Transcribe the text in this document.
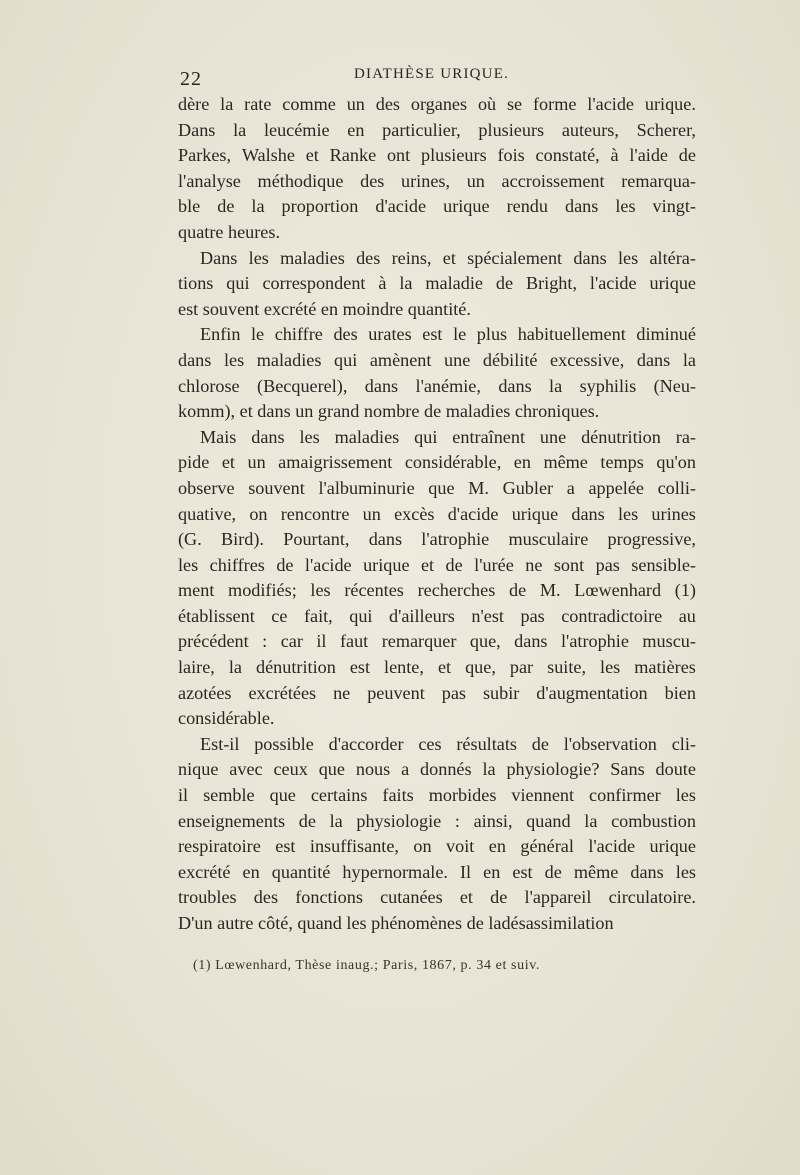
22	DIATHÈSE URIQUE.
dère la rate comme un des organes où se forme l'acide urique.
Dans la leucémie en particulier, plusieurs auteurs, Scherer,
Parkes, Walshe et Ranke ont plusieurs fois constaté, à l'aide de
l'analyse méthodique des urines, un accroissement remarqua-
ble de la proportion d'acide urique rendu dans les vingt-
quatre heures.
Dans les maladies des reins, et spécialement dans les altéra-
tions qui correspondent à la maladie de Bright, l'acide urique
est souvent excrété en moindre quantité.
Enfin le chiffre des urates est le plus habituellement diminué
dans les maladies qui amènent une débilité excessive, dans la
chlorose (Becquerel), dans l'anémie, dans la syphilis (Neu-
komm), et dans un grand nombre de maladies chroniques.
Mais dans les maladies qui entraînent une dénutrition ra-
pide et un amaigrissement considérable, en même temps qu'on
observe souvent l'albuminurie que M. Gubler a appelée colli-
quative, on rencontre un excès d'acide urique dans les urines
(G. Bird). Pourtant, dans l'atrophie musculaire progressive,
les chiffres de l'acide urique et de l'urée ne sont pas sensible-
ment modifiés; les récentes recherches de M. Lœwenhard (1)
établissent ce fait, qui d'ailleurs n'est pas contradictoire au
précédent : car il faut remarquer que, dans l'atrophie muscu-
laire, la dénutrition est lente, et que, par suite, les matières
azotées excrétées ne peuvent pas subir d'augmentation bien
considérable.
Est-il possible d'accorder ces résultats de l'observation cli-
nique avec ceux que nous a donnés la physiologie? Sans doute
il semble que certains faits morbides viennent confirmer les
enseignements de la physiologie : ainsi, quand la combustion
respiratoire est insuffisante, on voit en général l'acide urique
excrété en quantité hypernormale. Il en est de même dans les
troubles des fonctions cutanées et de l'appareil circulatoire.
D'un autre côté, quand les phénomènes de ladésassimilation
(1) Lœwenhard, Thèse inaug.; Paris, 1867, p. 34 et suiv.
